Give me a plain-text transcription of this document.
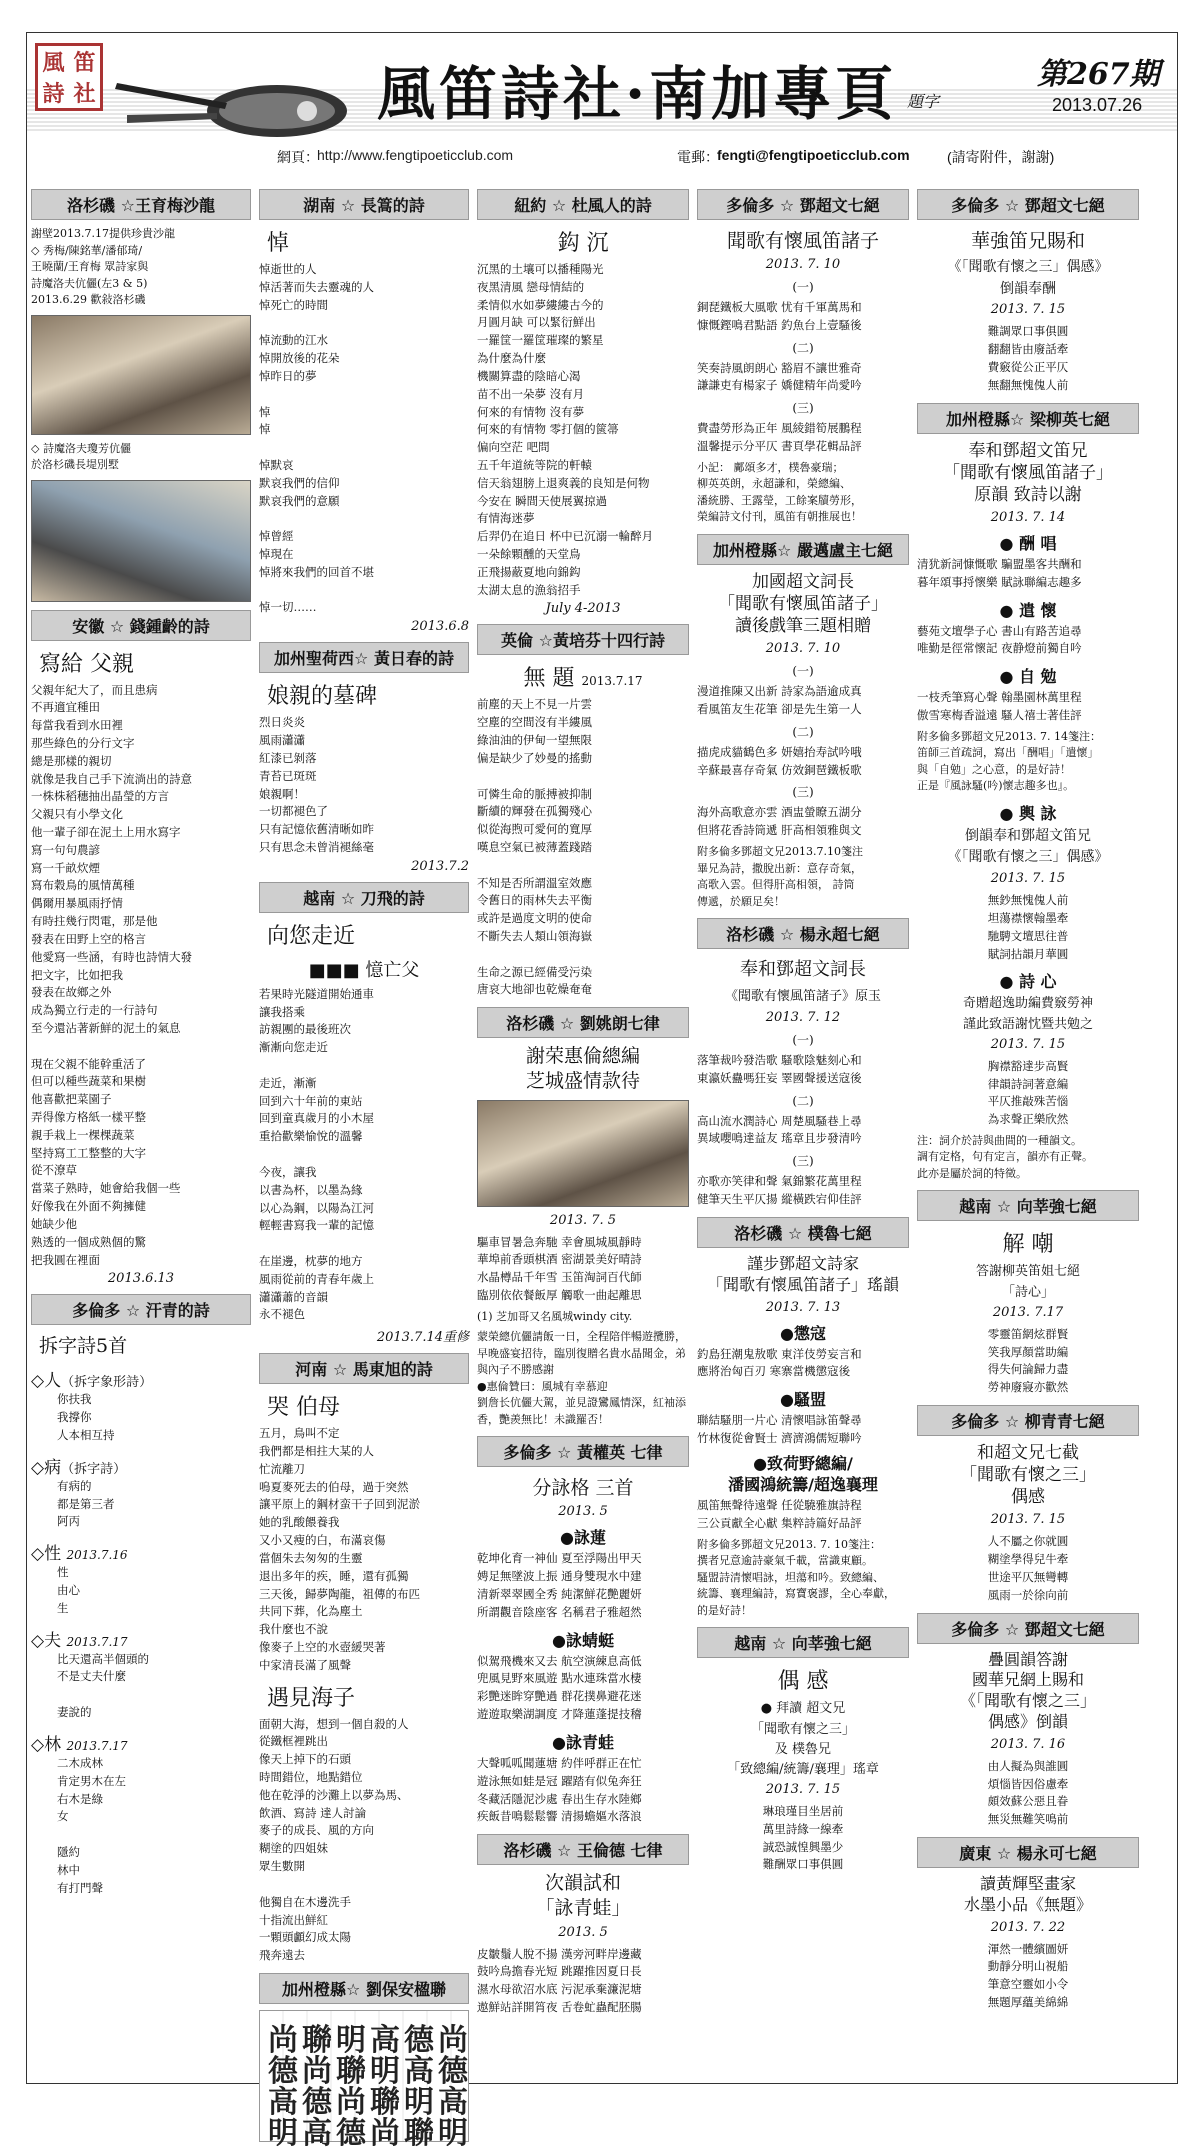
風 笛
詩 社	風笛詩社·南加專頁 題字
第267期
2013.07.26
網頁：
http://www.fengtipoeticclub.com	電郵：
fengti@fengtipoeticclub.com	(請寄附件，謝謝)
洛杉磯 ☆王育梅沙龍
謝壁2013.7.17提供珍貴沙龍
◇ 秀梅/陳銘華/潘郁琦/
王曉蘭/王育梅 眾詩家與
詩魔洛夫伉儷(左3 & 5)
2013.6.29 歡敍洛杉磯
◇ 詩魔洛夫瓊芳伉儷
於洛杉磯長堤別墅
安徽 ☆ 錢鍾齡的詩
寫給 父親
父親年紀大了，而且患病
不再適宜種田
每當我看到水田裡
那些綠色的分行文字
總是那樣的親切
就像是我自己手下流淌出的詩意
一株株稻穗抽出晶瑩的方言
父親只有小學文化
他一輩子卻在泥土上用水寫字
寫一句句農諺
寫一千畝炊煙
寫布穀鳥的風情萬種
偶爾用暴風雨抒情
有時拄幾行閃電，那是他
發表在田野上空的格言
他愛寫一些涵，有時也詩情大發
把文字，比如把我
發表在故鄉之外
成為獨立行走的一行詩句
至今還沾著新鮮的泥土的氣息

現在父親不能幹重活了
但可以種些蔬菜和果樹
他喜歡把菜園子
弄得像方格紙一樣平整
親手栽上一棵棵蔬菜
堅持寫工工整整的大字
從不潦草
當菜子熟時，她會給我個一些
好像我在外面不夠擁健
她缺少他
熟透的一個成熟個的驚
把我圓在裡面
2013.6.13
多倫多 ☆ 汗青的詩
拆字詩5首
◇人（拆字象形詩）
你扶我
我撐你
人本相互持
◇病（拆字詩）
有病的
都是第三者
阿丙
◇性 2013.7.16
性
由心
生
◇夫 2013.7.17
比天還高半個頭的
不是丈夫什麼

妻說的
◇林 2013.7.17
二木成林
肯定男木在左
右木是綠
女

隱約
林中
有打門聲
湖南 ☆ 長篙的詩
悼
悼逝世的人
悼活著而失去靈魂的人
悼死亡的時間

悼流動的江水
悼開放後的花朵
悼昨日的夢

悼
悼

悼默哀
默哀我們的信仰
默哀我們的意願

悼曾經
悼現在
悼將來我們的回首不堪

悼一切……
2013.6.8
加州聖荷西☆ 黃日春的詩
娘親的墓碑
烈日炎炎
風雨瀟瀟
紅漆已剝落
青苔已斑斑
娘親啊！
一切都褪色了
只有記憶依舊清晰如昨
只有思念未曾消褪絲毫
2013.7.2
越南 ☆ 刀飛的詩
向您走近
■■■ 憶亡父
若果時光隧道開始通車
讓我搭乘
訪親團的最後班次
漸漸向您走近

走近，漸漸
回到六十年前的東站
回到童真歲月的小木屋
重拾歡樂愉悅的溫馨

今夜，讓我
以書為杯，以墨為緣
以心為鋼，以陽為江河
輕輕書寫我一輩的記憶

在崖邊，枕夢的地方
風雨從前的青春年歲上
瀟瀟蕭的音韻
永不褪色
2013.7.14重修
河南 ☆ 馬東旭的詩
哭 伯母
五月，鳥叫不定
我們都是相拄大某的人
忙流離刀
嗚夏麥死去的伯母，過于突然
讓平原上的鋼材蛮干子回到泥淤
她的乳酸餵養我
又小又瘦的白，布滿哀傷
當個朱去匆匆的生靈
退出多年的疾，睡，還有孤獨
三天後，歸夢陶龍，祖傳的布匹
共同下葬，化為塵土
我什麼也不說
像麥子上空的水壺緩哭著
中家清長滿了風聲
遇見海子
面朝大海，想到一個自殺的人
從鐵框裡跳出
像天上掉下的石頭
時間錯位，地點錯位
他在乾淨的沙灘上以夢為馬、
飲酒、寫詩 達人討論
麥子的成長、風的方向
糊塗的四姐妹
眾生數開

他獨自在木邊洗手
十指流出鮮紅
一顆頭顱幻成太陽
飛奔遠去
加州橙縣☆ 劉保安楹聯
尚
德
高
明
聯
尚
德
高
明
聯
尚
德
高
明
聯
尚
德
高
明
聯
尚
德
高
明
紐約 ☆ 杜風人的詩
鈎 沉
沉黑的土壤可以播種陽光
夜黑清風 戀母情結的
柔情似水如夢縷縷古今的
月圓月缺 可以緊衍鮮出
一羅筐一羅筐璀璨的繁星
為什麼為什麼
機關算盡的陰暗心渴
苗不出一朵夢 沒有月
何來的有情物 沒有夢
何來的有情物 零打個的篋箒
偏向空茫 吧問
五千年道統等院的軒轅
信天翁翅膀上退爽義的良知是何物
今安在 瞬間天使展翼掠過
有情海迷夢
后羿仍在追日 杯中已沉溺一輪醉月
一朵餘顆醺的天堂鳥
正飛揚蔽夏地向錦鈎
太湖太息的漁翁招手
July 4-2013
英倫 ☆黃培芬十四行詩
無 題 2013.7.17
前塵的天上不見一片雲
空塵的空間沒有半縷風
綠油油的伊甸一望無限
偏是缺少了妙曼的搖動

可憐生命的脈搏被抑制
斷續的輝發在孤獨殘心
似從海煦可愛何的寬厚
嘆息空氣已被薄蓋踐踏

不知是否所謂溫室效應
令舊日的雨林失去平衡
或許是過度文明的使命
不斷失去人類山領海嶽

生命之源已經備受污染
唐哀大地卻也乾燥奄奄
洛杉磯 ☆ 劉姚朗七律
謝荣惠倫總編
芝城盛情款待
2013. 7. 5
驅車冒暑急奔馳 幸會風城風靜時
華埠前香頭棋酒 密湖景美好晴詩
水晶樽品千年雪 玉笛淘詞百代師
臨別依依餐飯厚 觸歌一曲起離思
(1) 芝加哥又名風城windy city.
蒙榮總伉儷請飯一日，全程陪伴暢遊攬勝，早晚盛宴招待，臨別復贈名貴水晶聞金，弟與內子不勝感謝
●惠倫贊曰：風城有幸慕迎
劉詹长伉儷大駕，並見證鸞鳳情深，紅袖添香，艷羨無比！未識羅否！
多倫多 ☆ 黃權英 七律
分詠格 三首
2013. 5
●詠蓮
乾坤化育一神仙 夏至浮陽出甲天
娉足無墜波上振 通身雙現水中建
清新翠翠國全秀 純潔鮮花艷麗妍
所謂觀音陰座客 名稱君子雅超然
●詠蜻蜓
似駕飛機來又去 航空演練息高低
兜風見野來風遊 點水連珠當水棲
彩艷迷眸穿艷過 群花撲鼻避花迷
遊遊取樂湖調度 才降蓮蓬提技稽
●詠青蛙
大聲呱呱聞蓮塘 約伴呼群正在忙
遊泳無如蛙是冠 躍踏有似兔奔狂
冬藏活隱泥沙處 春出生存水陸鄉
疾飯昔鳴鬆鬆響 清揚蟾嫗水落浪
洛杉磯 ☆ 王倫德 七律
次韻試和
「詠青蛙」
2013. 5
皮皺鬚人脫不揚 漢旁河畔岸邊藏
鼓吟鳥擔春光短 跳躍推因夏日長
濕水母欲沼水底 污泥承棄濂泥塘
遨鮮站詳開筲夜 舌卷虻蟲配胚腸
多倫多 ☆ 鄧超文七絕
聞歌有懷風笛諸子
2013. 7. 10
(一)
銅琵鐵板大風歌 忧有千軍萬馬和
慷慨鏗鳴君點語 釣魚台上壹騷後
(二)
笑奏詩風朗朗心 豁眉不讓世雅奇
謙謙吏有楊家子 嬌健精年尚愛吟
(三)
費盡勞形為正年 風綾錯筍展鵬程
溫馨提示分平仄 書頁學花輯品評
小記： 鄺頌多才，樸魯豪瑞；
柳英英朗，永超謙和，榮總編、
潘統勝、王露瑩，工餘案牘勞形，
榮編詩文付刊，風笛有朝推展也！
加州橙縣☆ 嚴邁盧主七絕
加國超文詞長
「聞歌有懷風笛諸子」
讀後戲筆三題相贈
2013. 7. 10
(一)
漫道推陳又出新 詩家為語逾成真
看風笛友生花筆 卻是先生第一人
(二)
描虎成貓鶴色多 妍嬉抬寿試吟哦
辛蘇最喜存奇氣 仿效銅琶鐵板歌
(三)
海外高歌意亦雲 酒盅螢瞭五湖分
但將花香詩筒遞 肝高相領雅與文
附多倫多鄧超文兄2013.7.10箋注
畢兄為詩，撒脫出新：意存奇氣，
高歌入雲。但得肝高相領， 詩筒
傳遞，於願足矣！
洛杉磯 ☆ 楊永超七絕
奉和鄧超文詞長
《聞歌有懷風笛諸子》原玉
2013. 7. 12
(一)
落筆裁吟發浩歌 騷歌陰魅刻心和
東瀛妖蠱嗎狂妄 睪國聲援送寇後
(二)
高山流水潤詩心 周楚風騷巷上尋
異域嚶鳴達益友 瑤章且步發清吟
(三)
亦歌亦笑律和聲 氣錦繁花萬里程
健筆天生平仄揚 縱橫跌宕仰佳評
洛杉磯 ☆ 樸魯七絕
謹步鄧超文詩家
「聞歌有懷風笛諸子」瑤韻
2013. 7. 13
●懲寇
釣島狂潮鬼敖歌 東洋伎勞妄言和
應將治匈百刃 寒寨當機懲寇後
●騷盟
聯結騷朋一片心 清懷唱詠笛聲尋
竹林復從會賢士 濟濟鴻儒短聯吟
●致荷野總編/
潘國鴻統籌/超逸襄理
風笛無聲待遠聲 任從驍雅旗詩程
三公貢獻全心獻 集粹詩篇好品評
附多倫多鄧超文兄2013. 7. 10箋注：
撰者兄意逾詩豪氣千載，當識東顧。
騷盟詩清懷唱詠，坦蕩和吟。致總編、
統籌、襄理編詩，寫寶褒謬，全心奉獻，
的是好詩！
越南 ☆ 向莘強七絕
偶 感
● 拜讀 超文兄
「聞歌有懷之三」
及 樸魯兄
「致總編/統籌/襄理」瑤章
2013. 7. 15
琳琅瑾目坐居前
萬里詩緣一線牽
誠恐誠惶興墨少
難酬眾口事俱圓
多倫多 ☆ 鄧超文七絕
華強笛兄賜和
《「聞歌有懷之三」偶感》
倒韻奉酬
2013. 7. 15
難調眾口事俱圓
翻翻皆由廢話牽
費竅從公正平仄
無翻無愧傀人前
加州橙縣☆ 梁柳英七絕
奉和鄧超文笛兄
「聞歌有懷風笛諸子」
原韻 致詩以謝
2013. 7. 14
● 酬 唱
清犹新詞慷慨歌 騙盟墨客共酬和
暮年頌事捋懷樂 賦詠聯編志趣多
● 遣 懷
藝苑文壇學子心 書山有路苦追尋
唯勤是徑常懷記 夜静燈前獨自吟
● 自 勉
一枝秃筆寫心聲 翰墨園林萬里程
傲雪寒梅香溢遠 騷人禧士著佳評
附多倫多鄧超文兄2013. 7. 14箋注：
笛師三首疏詞，寫出「酬唱」「遣懷」
與「自勉」之心意，的是好詩！
正是『風詠騷(吟)懷志趣多也』。
● 輿 詠
倒韻奉和鄧超文笛兄
《「聞歌有懷之三」偶感》
2013. 7. 15
無鈔無愧傀人前
坦蕩襟懷翰墨牽
馳騁文壇思往普
賦詞拈韻月華圓
● 詩 心
奇贈超逸助編費竅勞神
謹此致語謝忱暨共勉之
2013. 7. 15
胸襟豁達步高賢
律韻詩詞著意編
平仄推敲殊苦惱
為求聲正樂欣然
注：詞介於詩與曲間的一種韻文。
調有定格，句有定言，韻亦有正聲。
此亦是屬於詞的特徵。
越南 ☆ 向莘強七絕
解 嘲
答謝柳英笛姐七絕
「詩心」
2013. 7.17
零靈笛網炫群賢
笑我厚顏當助編
得失何論歸力盡
勞神廢寢亦歡然
多倫多 ☆ 柳青青七絕
和超文兄七截
「聞歌有懷之三」
偶感
2013. 7. 15
人不屬之你就圓
糊塗學得兒牛牽
世途平仄無彎轉
風雨一於徐向前
多倫多 ☆ 鄧超文七絕
疊圓韻答謝
國華兄網上賜和
《「聞歌有懷之三」
偶感》倒韻
2013. 7. 16
由人擬為與誰圓
煩惱皆因俗慮牽
頗效蘇公惡且眷
無災無難笑鳴前
廣東 ☆ 楊永可七絕
讀黃輝堅畫家
水墨小品《無題》
2013. 7. 22
渾然一體繽圖妍
動靜分明山視船
筆意空靈如小令
無題厚蘊美綿綿
